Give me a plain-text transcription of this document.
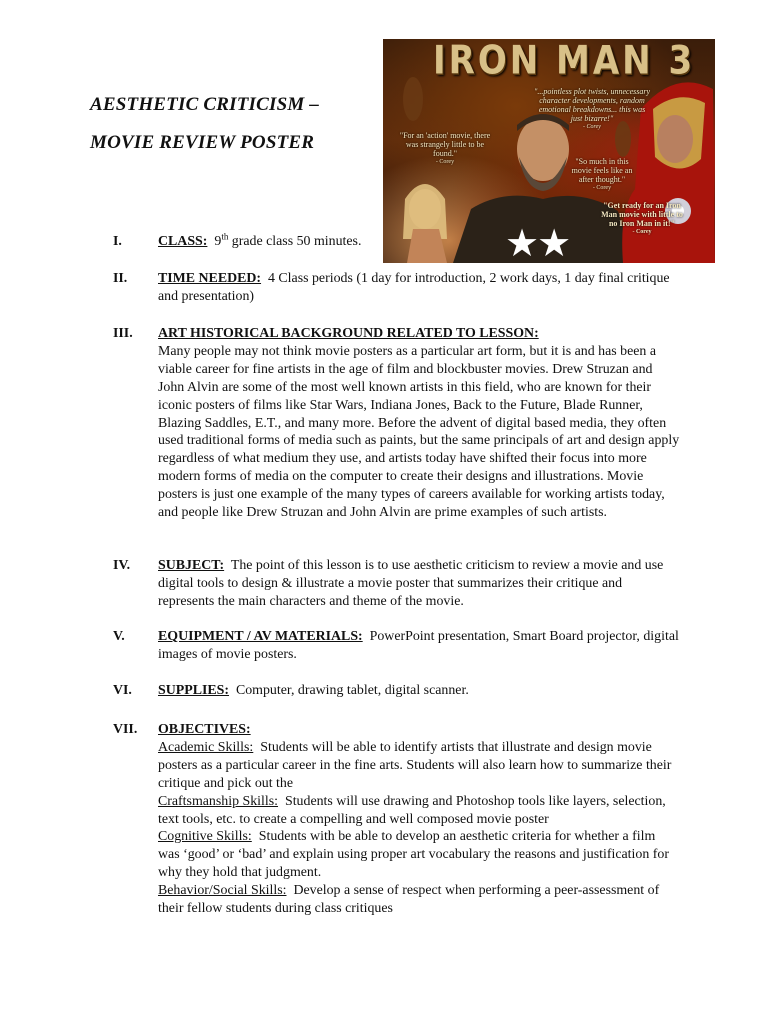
AESTHETIC CRITICISM –
MOVIE REVIEW POSTER
IRON MAN 3
"...pointless plot twists, unnecessary character developments, random emotional breakdowns... this was just bizarre!"
- Corey
"For an 'action' movie, there was strangely little to be found."
- Corey	"So much in this movie feels like an after thought."
- Corey
"Get ready for an Iron Man movie with little to no Iron Man in it!"
- Corey
★★
I.	CLASS: 9th grade class 50 minutes.
II. TIME NEEDED: 4 Class periods (1 day for introduction, 2 work days, 1 day final critique and presentation)
III. ART HISTORICAL BACKGROUND RELATED TO LESSON:
Many people may not think movie posters as a particular art form, but it is and has been a viable career for fine artists in the age of film and blockbuster movies. Drew Struzan and John Alvin are some of the most well known artists in this field, who are known for their iconic posters of films like Star Wars, Indiana Jones, Back to the Future, Blade Runner, Blazing Saddles, E.T., and many more. Before the advent of digital based media, they often used traditional forms of media such as paints, but the same principals of art and design apply regardless of what medium they use, and artists today have shifted their focus into more modern forms of media on the computer to create their designs and illustrations. Movie posters is just one example of the many types of careers available for working artists today, and people like Drew Struzan and John Alvin are prime examples of such artists.
IV. SUBJECT: The point of this lesson is to use aesthetic criticism to review a movie and use digital tools to design & illustrate a movie poster that summarizes their critique and represents the main characters and theme of the movie.
V. EQUIPMENT / AV MATERIALS: PowerPoint presentation, Smart Board projector, digital images of movie posters.
VI. SUPPLIES: Computer, drawing tablet, digital scanner.
VII. OBJECTIVES:
Academic Skills: Students will be able to identify artists that illustrate and design movie posters as a particular career in the fine arts. Students will also learn how to summarize their critique and pick out the
Craftsmanship Skills: Students will use drawing and Photoshop tools like layers, selection, text tools, etc. to create a compelling and well composed movie poster
Cognitive Skills: Students with be able to develop an aesthetic criteria for whether a film was ‘good’ or ‘bad’ and explain using proper art vocabulary the reasons and justification for why they hold that judgment.
Behavior/Social Skills: Develop a sense of respect when performing a peer-assessment of their fellow students during class critiques
